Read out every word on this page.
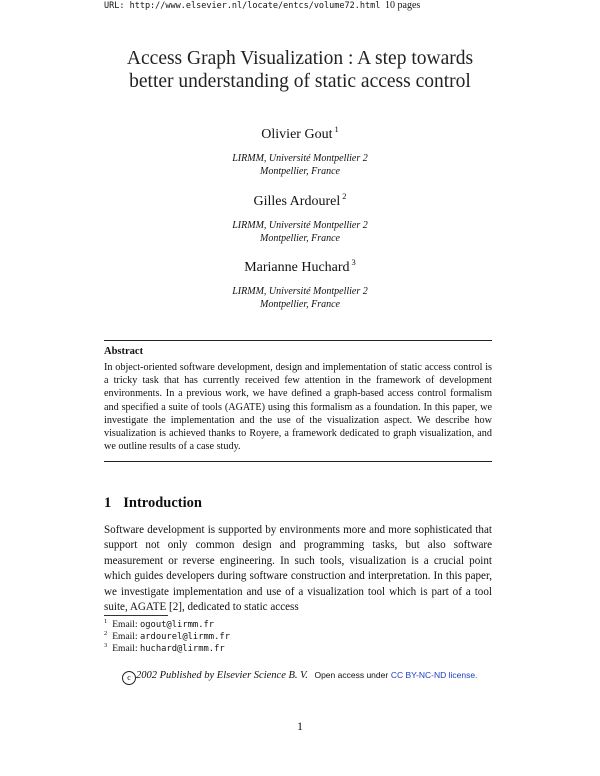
URL: http://www.elsevier.nl/locate/entcs/volume72.html 10 pages
Access Graph Visualization : A step towards
better understanding of static access control
Olivier Gout $^1$
LIRMM, Université Montpellier 2
Montpellier, France
Gilles Ardourel $^2$
LIRMM, Université Montpellier 2
Montpellier, France
Marianne Huchard $^3$
LIRMM, Université Montpellier 2
Montpellier, France
Abstract
In object-oriented software development, design and implementation of static access control is a tricky task that has currently received few attention in the framework of development environments. In a previous work, we have defined a graph-based access control formalism and specified a suite of tools (AGATE) using this formalism as a foundation. In this paper, we investigate the implementation and the use of the visualization aspect. We describe how visualization is achieved thanks to Royere, a framework dedicated to graph visualization, and we outline results of a case study.
1 Introduction
Software development is supported by environments more and more sophisticated that support not only common design and programming tasks, but also software measurement or reverse engineering. In such tools, visualization is a crucial point which guides developers during software construction and interpretation. In this paper, we investigate implementation and use of a visualization tool which is part of a tool suite, AGATE [2], dedicated to static access
$^1$ Email: ogout@lirmm.fr
$^2$ Email: ardourel@lirmm.fr
$^3$ Email: huchard@lirmm.fr
c 2002 Published by Elsevier Science B. V. Open access under CC BY-NC-ND license.
1
